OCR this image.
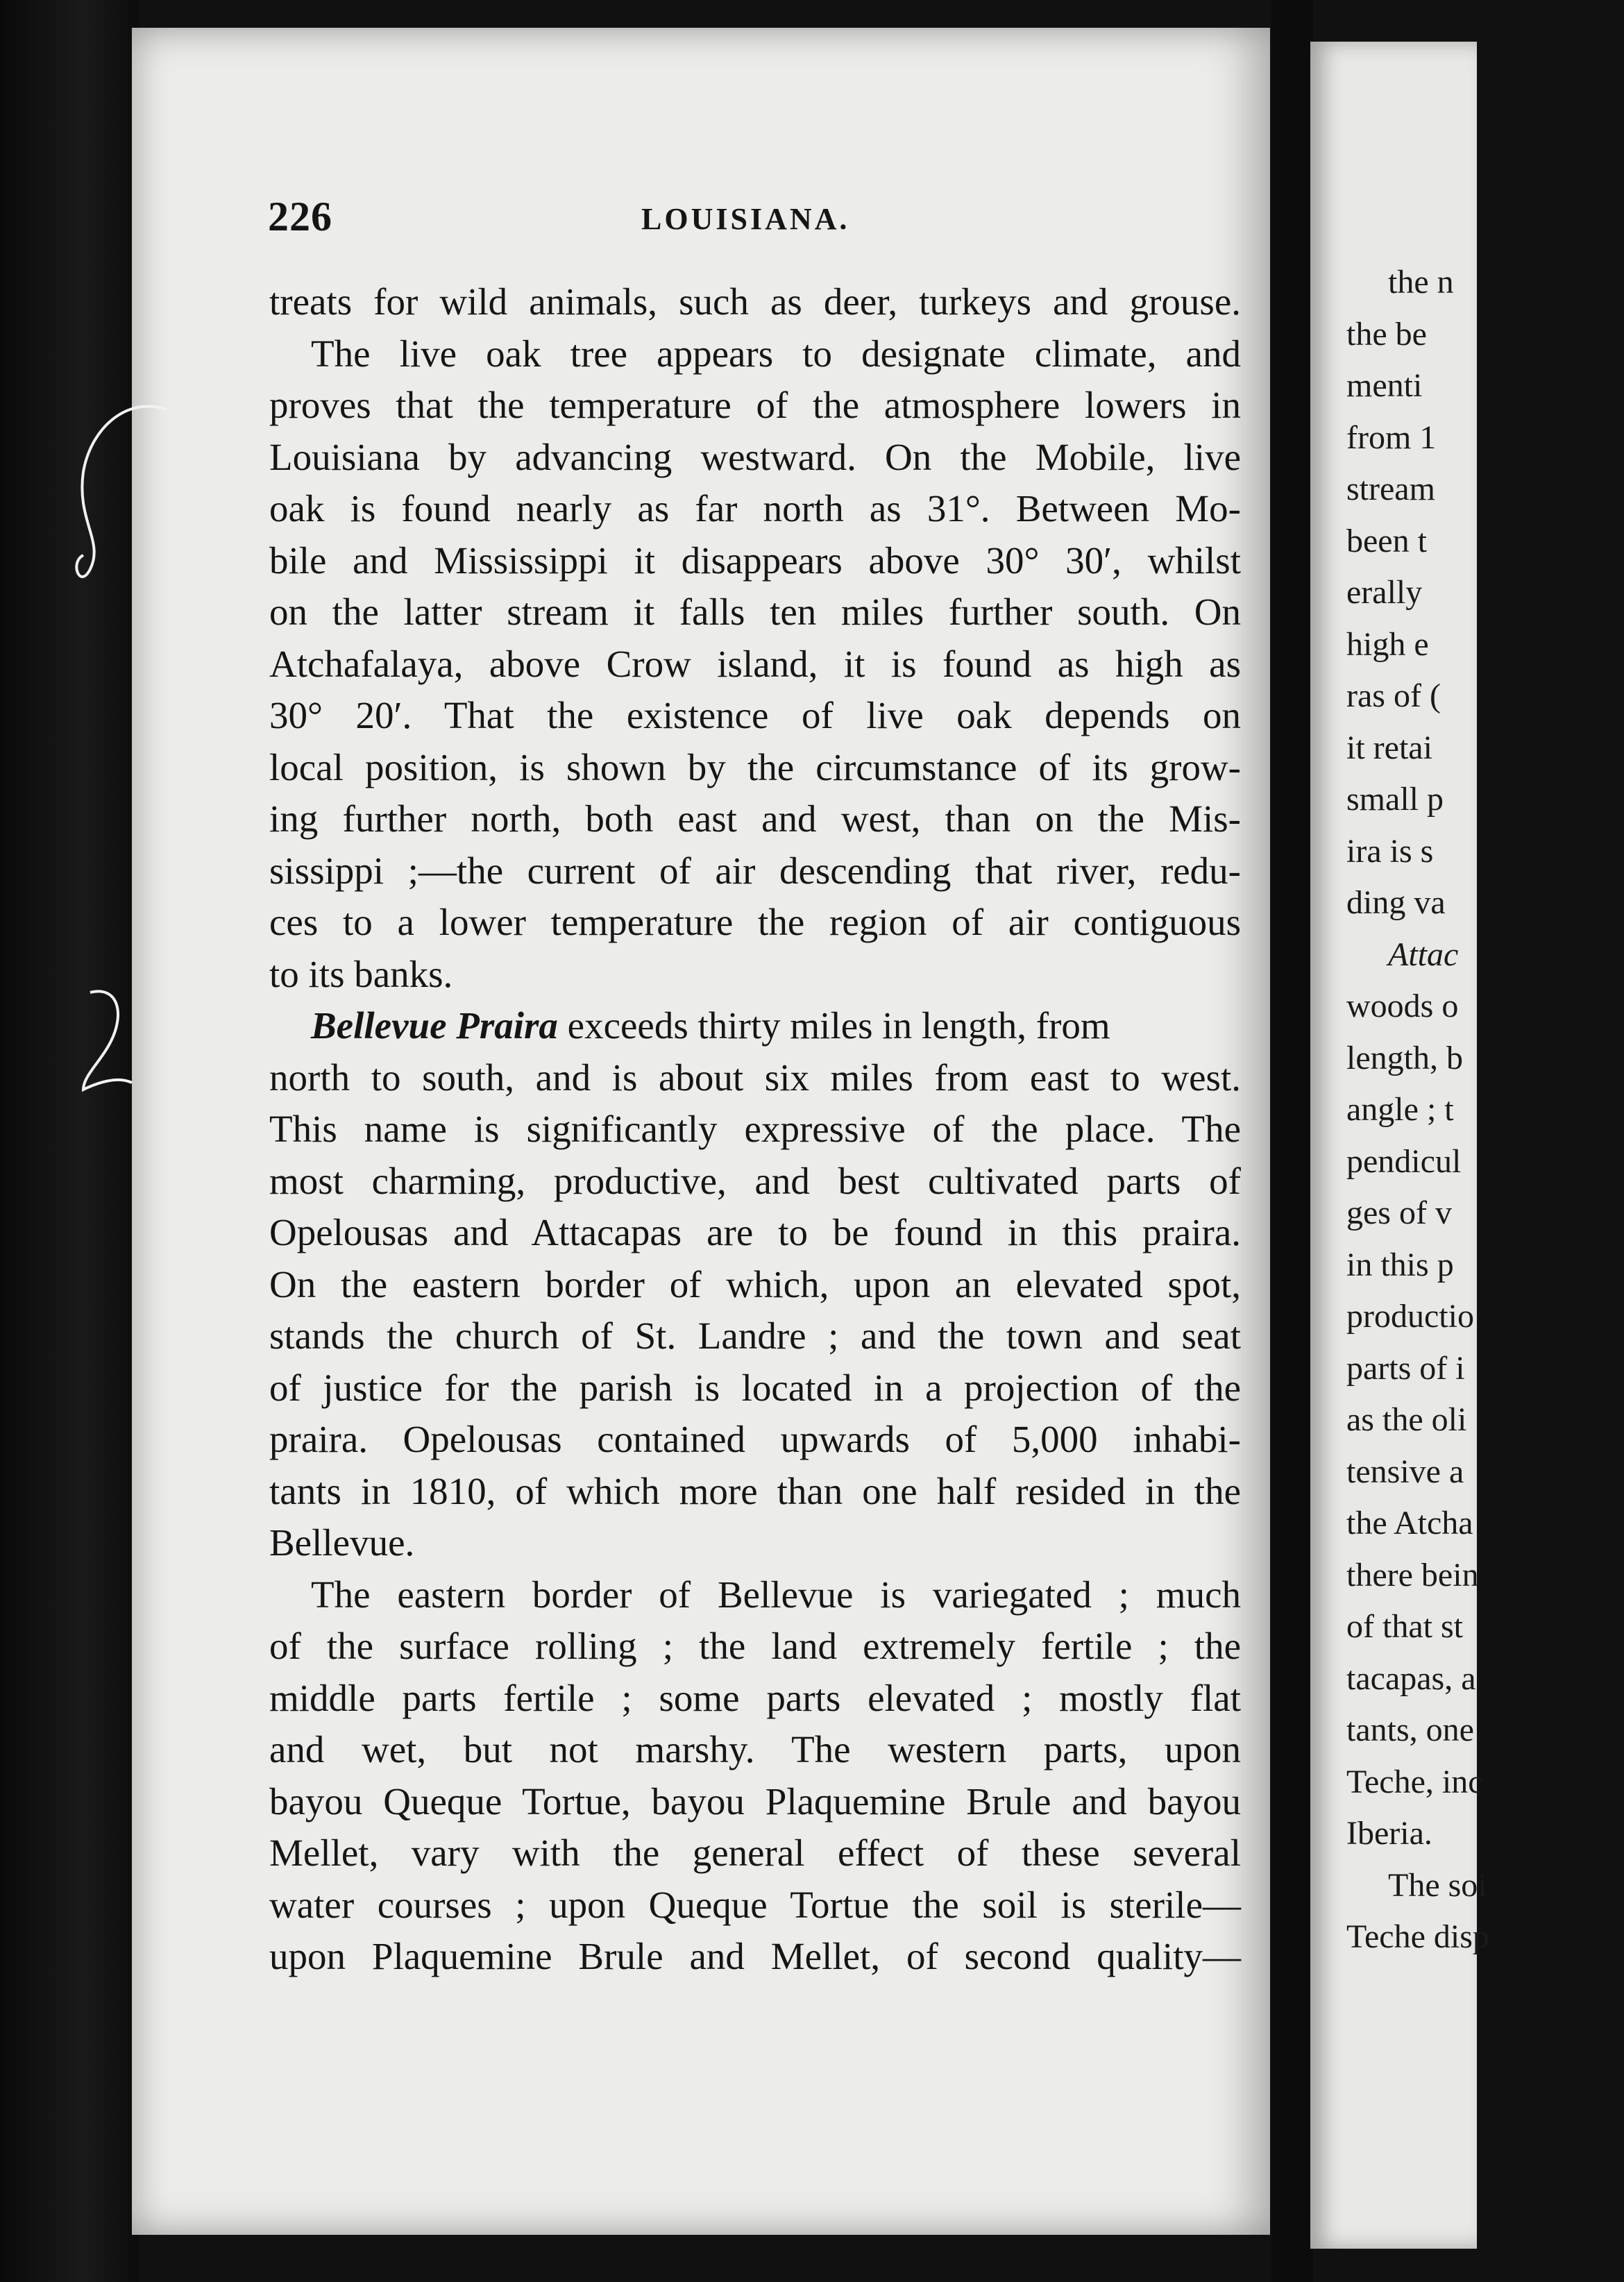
226	LOUISIANA.
treats for wild animals, such as deer, turkeys and grouse.
The live oak tree appears to designate climate, and
proves that the temperature of the atmosphere lowers in
Louisiana by advancing westward. On the Mobile, live
oak is found nearly as far north as 31°. Between Mo-
bile and Mississippi it disappears above 30° 30′, whilst
on the latter stream it falls ten miles further south. On
Atchafalaya, above Crow island, it is found as high as
30° 20′. That the existence of live oak depends on
local position, is shown by the circumstance of its grow-
ing further north, both east and west, than on the Mis-
sissippi ;—the current of air descending that river, redu-
ces to a lower temperature the region of air contiguous
to its banks.
Bellevue Praira exceeds thirty miles in length, from
north to south, and is about six miles from east to west.
This name is significantly expressive of the place. The
most charming, productive, and best cultivated parts of
Opelousas and Attacapas are to be found in this praira.
On the eastern border of which, upon an elevated spot,
stands the church of St. Landre ; and the town and seat
of justice for the parish is located in a projection of the
praira. Opelousas contained upwards of 5,000 inhabi-
tants in 1810, of which more than one half resided in the
Bellevue.
The eastern border of Bellevue is variegated ; much
of the surface rolling ; the land extremely fertile ; the
middle parts fertile ; some parts elevated ; mostly flat
and wet, but not marshy. The western parts, upon
bayou Queque Tortue, bayou Plaquemine Brule and bayou
Mellet, vary with the general effect of these several
water courses ; upon Queque Tortue the soil is sterile—
upon Plaquemine Brule and Mellet, of second quality—
the n
the be
menti
from 1
stream
been t
erally
high e
ras of (
it retai
small p
ira is s
ding va
Attac
woods o
length, b
angle ; t
pendicul
ges of v
in this p
productio
parts of i
as the oli
tensive a
the Atcha
there bein
of that st
tacapas, a
tants, one
Teche, inc
Iberia.
The soi
Teche disp
